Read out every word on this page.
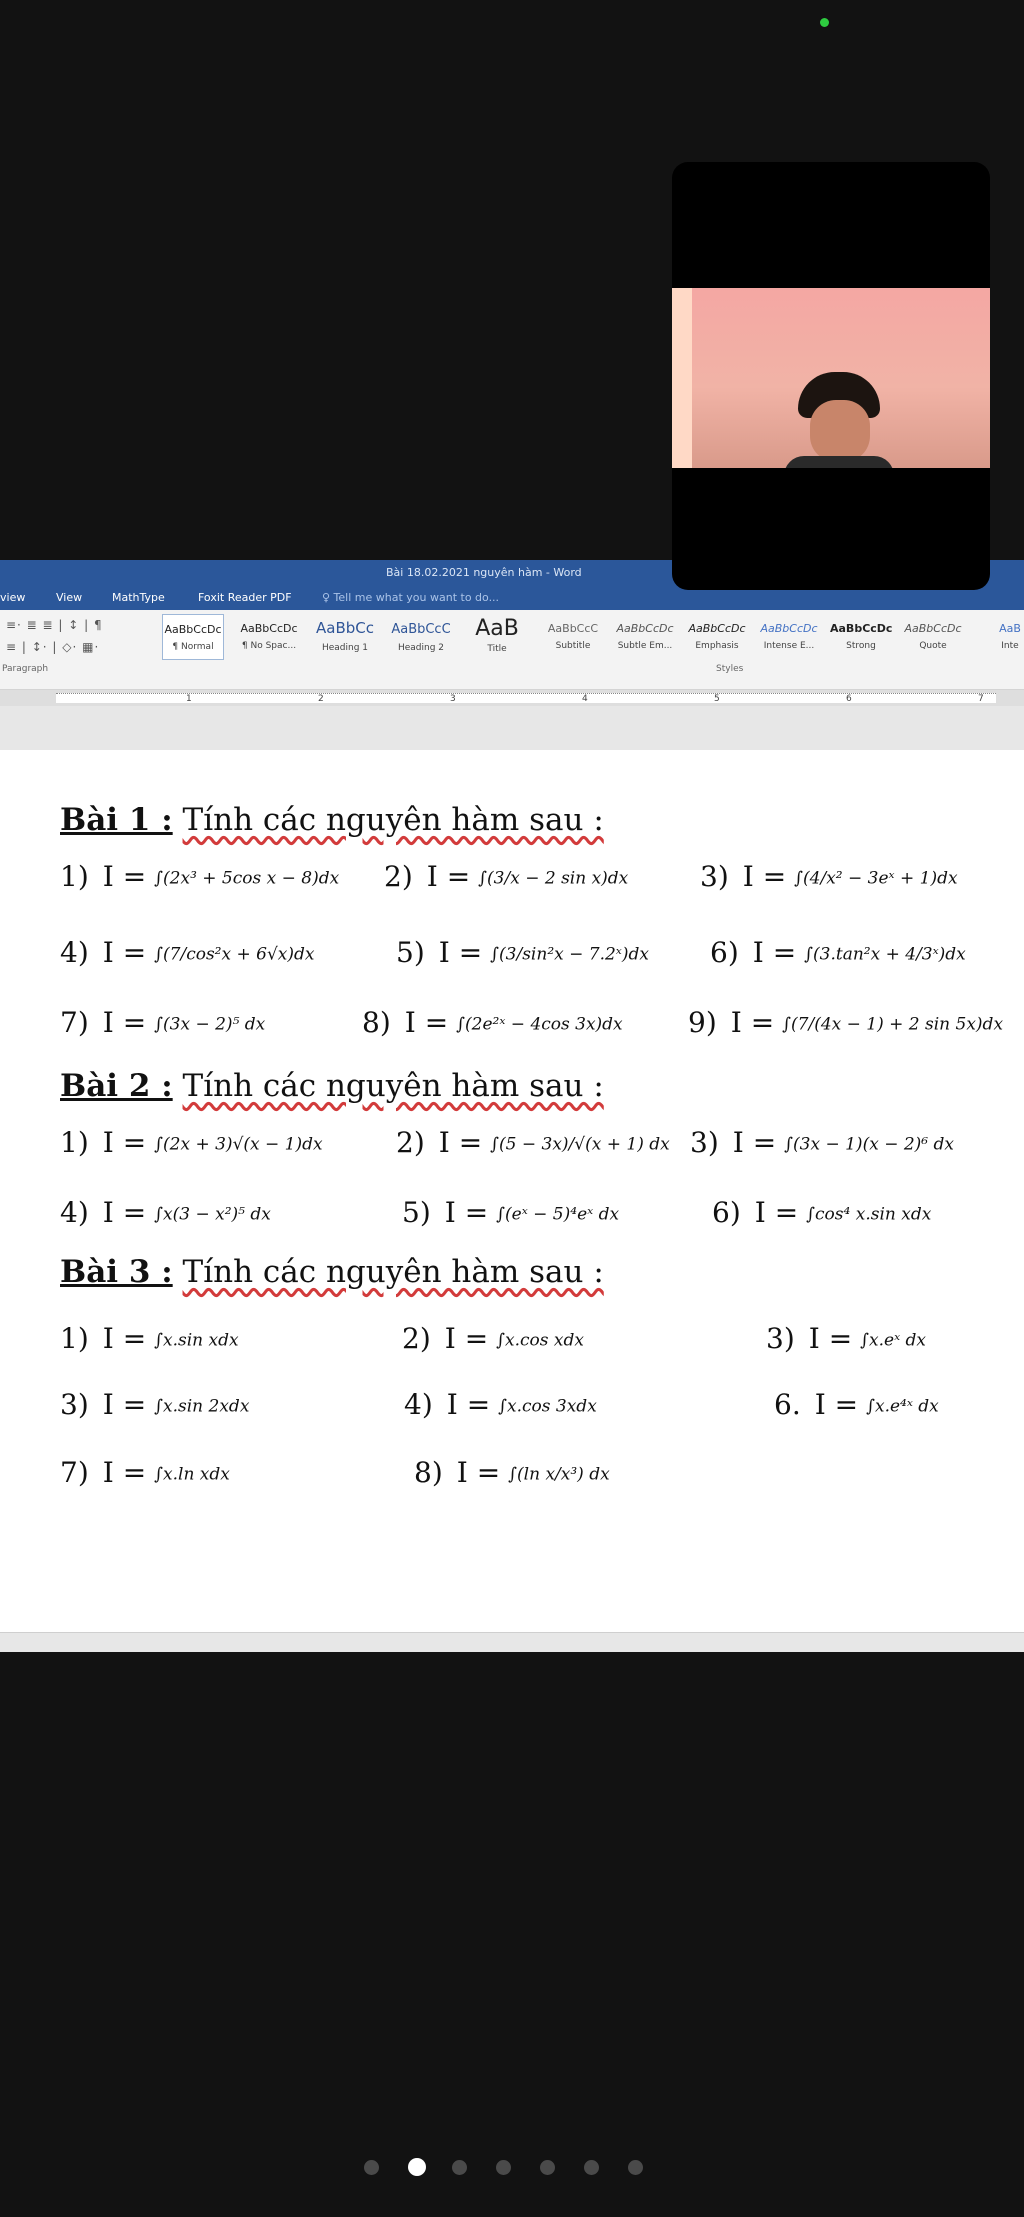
Bài 18.02.2021 nguyên hàm - Word
view	View	MathType	Foxit Reader PDF	♀ Tell me what you want to do...
≡· ≣ ≣ | ↕ | ¶
≡ | ↕· | ◇· ▦·
Paragraph	Styles
AaBbCcDc
¶ Normal
AaBbCcDc
¶ No Spac...
AaBbCc
Heading 1
AaBbCcC
Heading 2
AaB
Title
AaBbCcC
Subtitle
AaBbCcDc
Subtle Em...
AaBbCcDc
Emphasis
AaBbCcDc
Intense E...
AaBbCcDc
Strong
AaBbCcDc
Quote
AaB
Inte
1	2	3	4	5	6	7
Bài 1 : Tính các nguyên hàm sau :
1) I = ∫(2x³ + 5cos x − 8)dx 2) I = ∫(3/x − 2 sin x)dx	3) I = ∫(4/x² − 3eˣ + 1)dx
4) I = ∫(7/cos²x + 6√x)dx	5) I = ∫(3/sin²x − 7.2ˣ)dx 6) I = ∫(3.tan²x + 4/3ˣ)dx
7) I = ∫(3x − 2)⁵ dx	8) I = ∫(2e²ˣ − 4cos 3x)dx 9) I = ∫(7/(4x − 1) + 2 sin 5x)dx
Bài 2 : Tính các nguyên hàm sau :
1) I = ∫(2x + 3)√(x − 1)dx	2) I = ∫(5 − 3x)/√(x + 1) dx 3) I = ∫(3x − 1)(x − 2)⁶ dx
4) I = ∫x(3 − x²)⁵ dx	5) I = ∫(eˣ − 5)⁴eˣ dx	6) I = ∫cos⁴ x.sin xdx
Bài 3 : Tính các nguyên hàm sau :
1) I = ∫x.sin xdx	2) I = ∫x.cos xdx	3) I = ∫x.eˣ dx
3) I = ∫x.sin 2xdx	4) I = ∫x.cos 3xdx	6. I = ∫x.e⁴ˣ dx
7) I = ∫x.ln xdx	8) I = ∫(ln x/x³) dx
